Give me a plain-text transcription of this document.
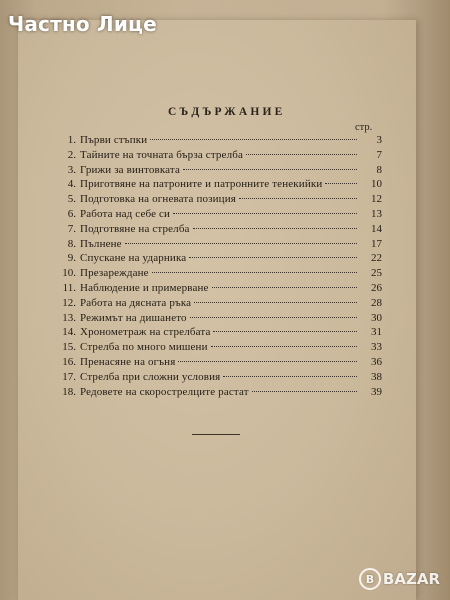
Частно Лице
СЪДЪРЖАНИЕ
стр.
1. Първи стъпки	3
2. Тайните на точната бърза стрелба	7
3. Грижи за винтовката	8
4. Приготвяне на патроните и патронните тенекийки	10
5. Подготовка на огневата позиция	12
6. Работа над себе си	13
7. Подготвяне на стрелба	14
8. Пълнене	17
9. Спускане на ударника	22
10. Презареждане	25
11. Наблюдение и примерване	26
12. Работа на дясната ръка	28
13. Режимът на дишането	30
14. Хронометраж на стрелбата	31
15. Стрелба по много мишени	33
16. Пренасяне на огъня	36
17. Стрелба при сложни условия	38
18. Редовете на скорострелците растат	39
B BAZAR
